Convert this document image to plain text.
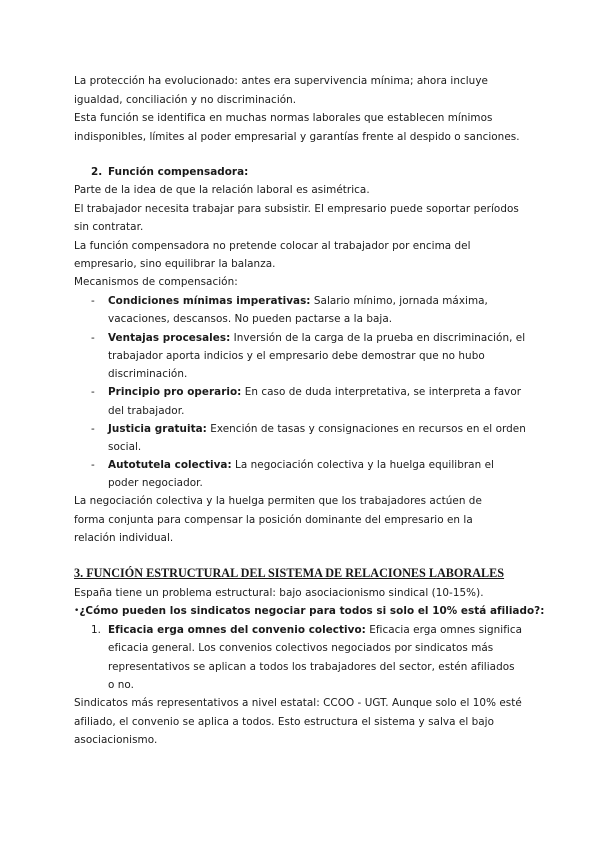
La protección ha evolucionado: antes era supervivencia mínima; ahora incluye
igualdad, conciliación y no discriminación.
Esta función se identifica en muchas normas laborales que establecen mínimos
indisponibles, límites al poder empresarial y garantías frente al despido o sanciones.
2. Función compensadora:
Parte de la idea de que la relación laboral es asimétrica.
El trabajador necesita trabajar para subsistir. El empresario puede soportar períodos
sin contratar.
La función compensadora no pretende colocar al trabajador por encima del
empresario, sino equilibrar la balanza.
Mecanismos de compensación:
- Condiciones mínimas imperativas: Salario mínimo, jornada máxima,
vacaciones, descansos. No pueden pactarse a la baja.
- Ventajas procesales: Inversión de la carga de la prueba en discriminación, el
trabajador aporta indicios y el empresario debe demostrar que no hubo
discriminación.
- Principio pro operario: En caso de duda interpretativa, se interpreta a favor
del trabajador.
- Justicia gratuita: Exención de tasas y consignaciones en recursos en el orden
social.
- Autotutela colectiva: La negociación colectiva y la huelga equilibran el
poder negociador.
La negociación colectiva y la huelga permiten que los trabajadores actúen de
forma conjunta para compensar la posición dominante del empresario en la
relación individual.
3. FUNCIÓN ESTRUCTURAL DEL SISTEMA DE RELACIONES LABORALES
España tiene un problema estructural: bajo asociacionismo sindical (10-15%).
•¿Cómo pueden los sindicatos negociar para todos si solo el 10% está afiliado?:
1. Eficacia erga omnes del convenio colectivo: Eficacia erga omnes significa
eficacia general. Los convenios colectivos negociados por sindicatos más
representativos se aplican a todos los trabajadores del sector, estén afiliados
o no.
Sindicatos más representativos a nivel estatal: CCOO - UGT. Aunque solo el 10% esté
afiliado, el convenio se aplica a todos. Esto estructura el sistema y salva el bajo
asociacionismo.
